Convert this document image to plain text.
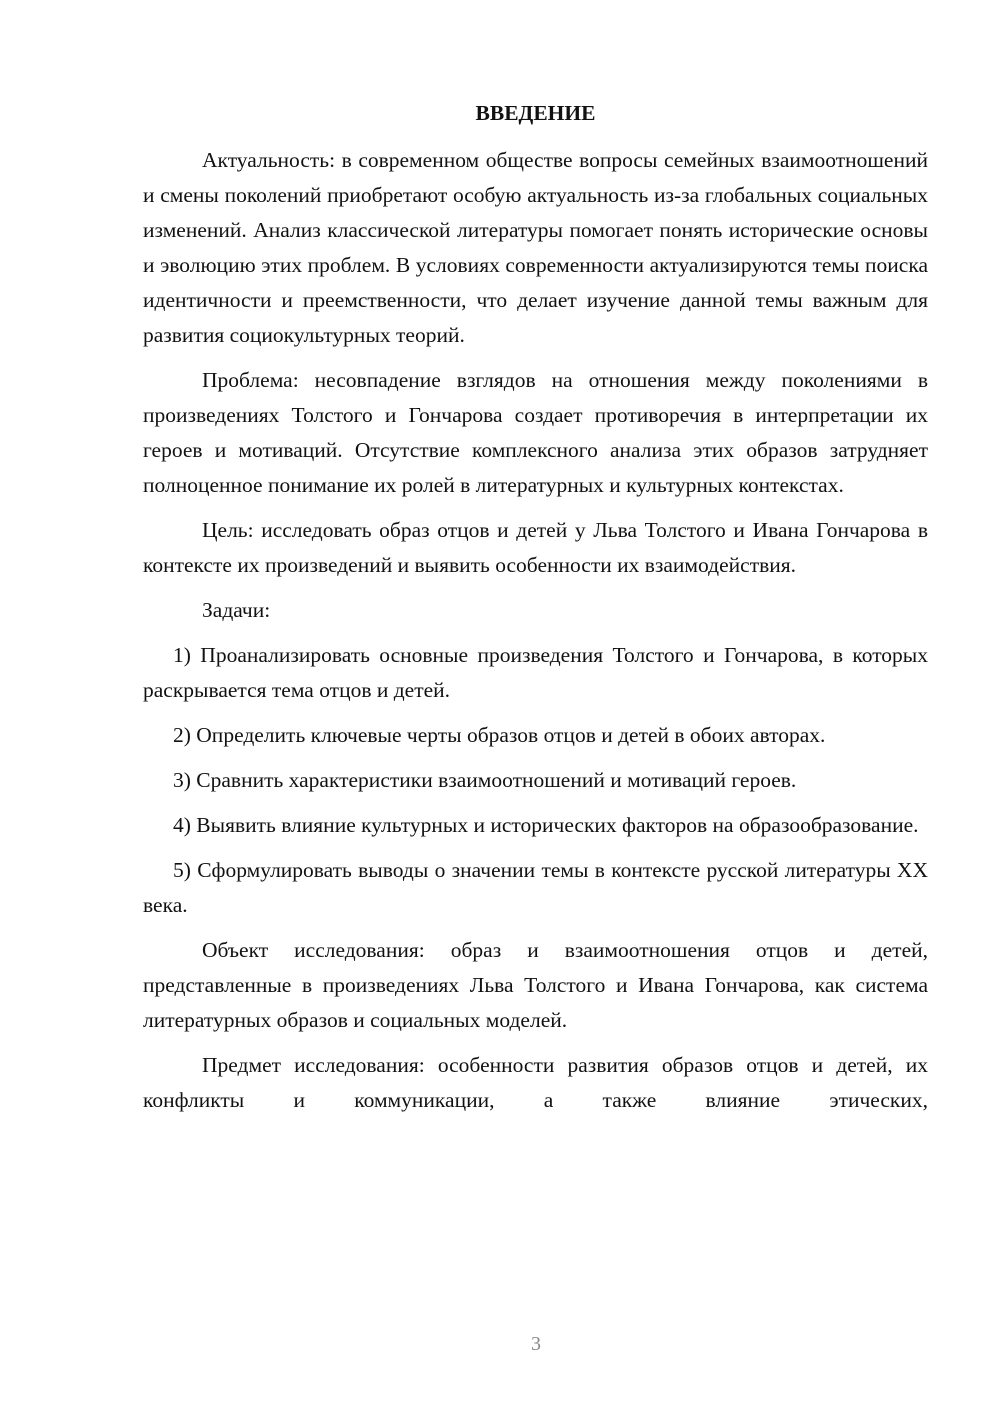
ВВЕДЕНИЕ

Актуальность: в современном обществе вопросы семейных взаимоотношений и смены поколений приобретают особую актуальность из-за глобальных социальных изменений. Анализ классической литературы помогает понять исторические основы и эволюцию этих проблем. В условиях современности актуализируются темы поиска идентичности и преемственности, что делает изучение данной темы важным для развития социокультурных теорий.

Проблема: несовпадение взглядов на отношения между поколениями в произведениях Толстого и Гончарова создает противоречия в интерпретации их героев и мотиваций. Отсутствие комплексного анализа этих образов затрудняет полноценное понимание их ролей в литературных и культурных контекстах.

Цель: исследовать образ отцов и детей у Льва Толстого и Ивана Гончарова в контексте их произведений и выявить особенности их взаимодействия.

Задачи:

1) Проанализировать основные произведения Толстого и Гончарова, в которых раскрывается тема отцов и детей.

2) Определить ключевые черты образов отцов и детей в обоих авторах.

3) Сравнить характеристики взаимоотношений и мотиваций героев.

4) Выявить влияние культурных и исторических факторов на образообразование.

5) Сформулировать выводы о значении темы в контексте русской литературы XX века.

Объект исследования: образ и взаимоотношения отцов и детей, представленные в произведениях Льва Толстого и Ивана Гончарова, как система литературных образов и социальных моделей.

Предмет исследования: особенности развития образов отцов и детей, их конфликты и коммуникации, а также влияние этических,

3
